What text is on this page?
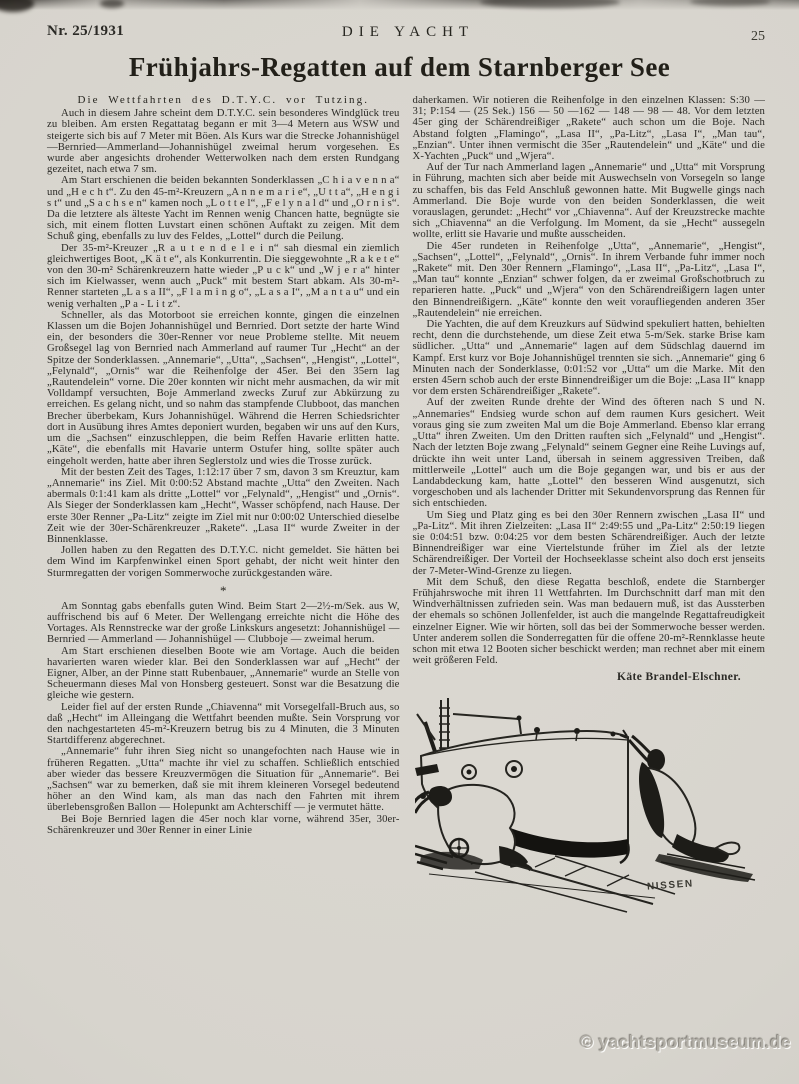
Nr. 25/1931	DIE YACHT	25
Frühjahrs-Regatten auf dem Starnberger See
Die Wettfahrten des D.T.Y.C. vor Tutzing.

Auch in diesem Jahre scheint dem D.T.Y.C. sein besonderes Windglück treu zu bleiben. Am ersten Regattatag begann er mit 3—4 Metern aus WSW und steigerte sich bis auf 7 Meter mit Böen. Als Kurs war die Strecke Johannishügel—Bernried—Ammerland—Johannishügel zweimal herum vorgesehen. Es wurde aber angesichts drohender Wetterwolken nach dem ersten Rundgang gezeitet, nach etwa 7 sm.

Am Start erschienen die beiden bekannten Sonderklassen „C h i a v e n n a“ und „H e c h t“. Zu den 45-m²-Kreuzern „A n n e m a r i e“, „U t t a“, „H e n g i s t“ und „S a c h s e n“ kamen noch „L o t t e l“, „F e l y n a l d“ und „O r n i s“. Da die letztere als älteste Yacht im Rennen wenig Chancen hatte, begnügte sie sich, mit einem flotten Luvstart einen schönen Auftakt zu zeigen. Mit dem Schuß ging, ebenfalls zu luv des Feldes, „Lottel“ durch die Peilung.

Der 35-m²-Kreuzer „R a u t e n d e l e i n“ sah diesmal ein ziemlich gleichwertiges Boot, „K ä t e“, als Konkurrentin. Die sieggewohnte „R a k e t e“ von den 30-m² Schärenkreuzern hatte wieder „P u c k“ und „W j e r a“ hinter sich im Kielwasser, wenn auch „Puck“ mit bestem Start abkam. Als 30-m²-Renner starteten „L a s a II“, „F l a m i n g o“, „L a s a I“, „M a n t a u“ und ein wenig verhalten „P a - L i t z“.

Schneller, als das Motorboot sie erreichen konnte, gingen die einzelnen Klassen um die Bojen Johannishügel und Bernried. Dort setzte der harte Wind ein, der besonders die 30er-Renner vor neue Probleme stellte. Mit neuem Großsegel lag von Bernried nach Ammerland auf raumer Tur „Hecht“ an der Spitze der Sonderklassen. „Annemarie“, „Utta“, „Sachsen“, „Hengist“, „Lottel“, „Felynald“, „Ornis“ war die Reihenfolge der 45er. Bei den 35ern lag „Rautendelein“ vorne. Die 20er konnten wir nicht mehr ausmachen, da wir mit Volldampf versuchten, Boje Ammerland zwecks Zuruf zur Abkürzung zu erreichen. Es gelang nicht, und so nahm das stampfende Clubboot, das manchen Brecher überbekam, Kurs Johannishügel. Während die Herren Schiedsrichter dort in Ausübung ihres Amtes deponiert wurden, begaben wir uns auf den Kurs, um die „Sachsen“ einzuschleppen, die beim Reffen Havarie erlitten hatte. „Käte“, die ebenfalls mit Havarie unterm Ostufer hing, sollte später auch eingeholt werden, hatte aber ihren Seglerstolz und wies die Trosse zurück.

Mit der besten Zeit des Tages, 1:12:17 über 7 sm, davon 3 sm Kreuztur, kam „Annemarie“ ins Ziel. Mit 0:00:52 Abstand machte „Utta“ den Zweiten. Nach abermals 0:1:41 kam als dritte „Lottel“ vor „Felynald“, „Hengist“ und „Ornis“. Als Sieger der Sonderklassen kam „Hecht“, Wasser schöpfend, nach Hause. Der erste 30er Renner „Pa-Litz“ zeigte im Ziel mit nur 0:00:02 Unterschied dieselbe Zeit wie der 30er-Schärenkreuzer „Rakete“. „Lasa II“ wurde Zweiter in der Binnenklasse.

Jollen haben zu den Regatten des D.T.Y.C. nicht gemeldet. Sie hätten bei dem Wind im Karpfenwinkel einen Sport gehabt, der nicht weit hinter den Sturmregatten der vorigen Sommerwoche zurückgestanden wäre.

*

Am Sonntag gabs ebenfalls guten Wind. Beim Start 2—2½-m/Sek. aus W, auffrischend bis auf 6 Meter. Der Wellengang erreichte nicht die Höhe des Vortages. Als Rennstrecke war der große Linkskurs angesetzt: Johannishügel — Bernried — Ammerland — Johannishügel — Clubboje — zweimal herum.

Am Start erschienen dieselben Boote wie am Vortage. Auch die beiden havarierten waren wieder klar. Bei den Sonderklassen war auf „Hecht“ der Eigner, Alber, an der Pinne statt Rubenbauer, „Annemarie“ wurde an Stelle von Scheuermann dieses Mal von Honsberg gesteuert. Sonst war die Besatzung die gleiche wie gestern.

Leider fiel auf der ersten Runde „Chiavenna“ mit Vorsegelfall-Bruch aus, so daß „Hecht“ im Alleingang die Wettfahrt beenden mußte. Sein Vorsprung vor den nachgestarteten 45-m²-Kreuzern betrug bis zu 4 Minuten, die 3 Minuten Startdifferenz abgerechnet.

„Annemarie“ fuhr ihren Sieg nicht so unangefochten nach Hause wie in früheren Regatten. „Utta“ machte ihr viel zu schaffen. Schließlich entschied aber wieder das bessere Kreuzvermögen die Situation für „Annemarie“. Bei „Sachsen“ war zu bemerken, daß sie mit ihrem kleineren Vorsegel bedeutend höher an den Wind kam, als man das nach den Fahrten mit ihrem überlebensgroßen Ballon — Holepunkt am Achterschiff — je vermutet hätte.

Bei Boje Bernried lagen die 45er noch klar vorne, während 35er, 30er-Schärenkreuzer und 30er Renner in einer Linie

daherkamen. Wir notieren die Reihenfolge in den einzelnen Klassen: S:30 — 31; P:154 — (25 Sek.) 156 — 50 —162 — 148 — 98 — 48. Vor dem letzten 45er ging der Schärendreißiger „Rakete“ auch schon um die Boje. Nach Abstand folgten „Flamingo“, „Lasa II“, „Pa-Litz“, „Lasa I“, „Man tau“, „Enzian“. Unter ihnen vermischt die 35er „Rautendelein“ und „Käte“ und die X-Yachten „Puck“ und „Wjera“.

Auf der Tur nach Ammerland lagen „Annemarie“ und „Utta“ mit Vorsprung in Führung, machten sich aber beide mit Auswechseln von Vorsegeln so lange zu schaffen, bis das Feld Anschluß gewonnen hatte. Mit Bugwelle gings nach Ammerland. Die Boje wurde von den beiden Sonderklassen, die weit vorauslagen, gerundet: „Hecht“ vor „Chiavenna“. Auf der Kreuzstrecke machte sich „Chiavenna“ an die Verfolgung. Im Moment, da sie „Hecht“ aussegeln wollte, erlitt sie Havarie und mußte ausscheiden.

Die 45er rundeten in Reihenfolge „Utta“, „Annemarie“, „Hengist“, „Sachsen“, „Lottel“, „Felynald“, „Ornis“. In ihrem Verbande fuhr immer noch „Rakete“ mit. Den 30er Rennern „Flamingo“, „Lasa II“, „Pa-Litz“, „Lasa I“, „Man tau“ konnte „Enzian“ schwer folgen, da er zweimal Großschotbruch zu reparieren hatte. „Puck“ und „Wjera“ von den Schärendreißigern lagen unter den Binnendreißigern. „Käte“ konnte den weit voraufliegenden anderen 35er „Rautendelein“ nie erreichen.

Die Yachten, die auf dem Kreuzkurs auf Südwind spekuliert hatten, behielten recht, denn die durchstehende, um diese Zeit etwa 5-m/Sek. starke Brise kam südlicher. „Utta“ und „Annemarie“ lagen auf dem Südschlag dauernd im Kampf. Erst kurz vor Boje Johannishügel trennten sie sich. „Annemarie“ ging 6 Minuten nach der Sonderklasse, 0:01:52 vor „Utta“ um die Marke. Mit den ersten 45ern schob auch der erste Binnendreißiger um die Boje: „Lasa II“ knapp vor dem ersten Schärendreißiger „Rakete“.

Auf der zweiten Runde drehte der Wind des öfteren nach S und N. „Annemaries“ Endsieg wurde schon auf dem raumen Kurs gesichert. Weit voraus ging sie zum zweiten Mal um die Boje Ammerland. Ebenso klar errang „Utta“ ihren Zweiten. Um den Dritten rauften sich „Felynald“ und „Hengist“. Nach der letzten Boje zwang „Felynald“ seinem Gegner eine Reihe Luvings auf, drückte ihn weit unter Land, übersah in seinem aggressiven Treiben, daß mittlerweile „Lottel“ auch um die Boje gegangen war, und bis er aus der Landabdeckung kam, hatte „Lottel“ den besseren Wind ausgenutzt, sich vorgeschoben und als lachender Dritter mit Sekundenvorsprung das Rennen für sich entschieden.

Um Sieg und Platz ging es bei den 30er Rennern zwischen „Lasa II“ und „Pa-Litz“. Mit ihren Zielzeiten: „Lasa II“ 2:49:55 und „Pa-Litz“ 2:50:19 liegen sie 0:04:51 bzw. 0:04:25 vor dem besten Schärendreißiger. Auch der letzte Binnendreißiger war eine Viertelstunde früher im Ziel als der letzte Schärendreißiger. Der Vorteil der Hochseeklasse scheint also doch erst jenseits der 7-Meter-Wind-Grenze zu liegen.

Mit dem Schuß, den diese Regatta beschloß, endete die Starnberger Frühjahrswoche mit ihren 11 Wettfahrten. Im Durchschnitt darf man mit den Windverhältnissen zufrieden sein. Was man bedauern muß, ist das Aussterben der ehemals so schönen Jollenfelder, ist auch die mangelnde Regattafreudigkeit einzelner Eigner. Wie wir hörten, soll das bei der Sommerwoche besser werden. Unter anderem sollen die Sonderregatten für die offene 20-m²-Rennklasse heute schon mit etwa 12 Booten sicher beschickt werden; man rechnet aber mit einem weit größeren Feld.

Käte Brandel-Elschner.
NISSEN
© yachtsportmuseum.de
